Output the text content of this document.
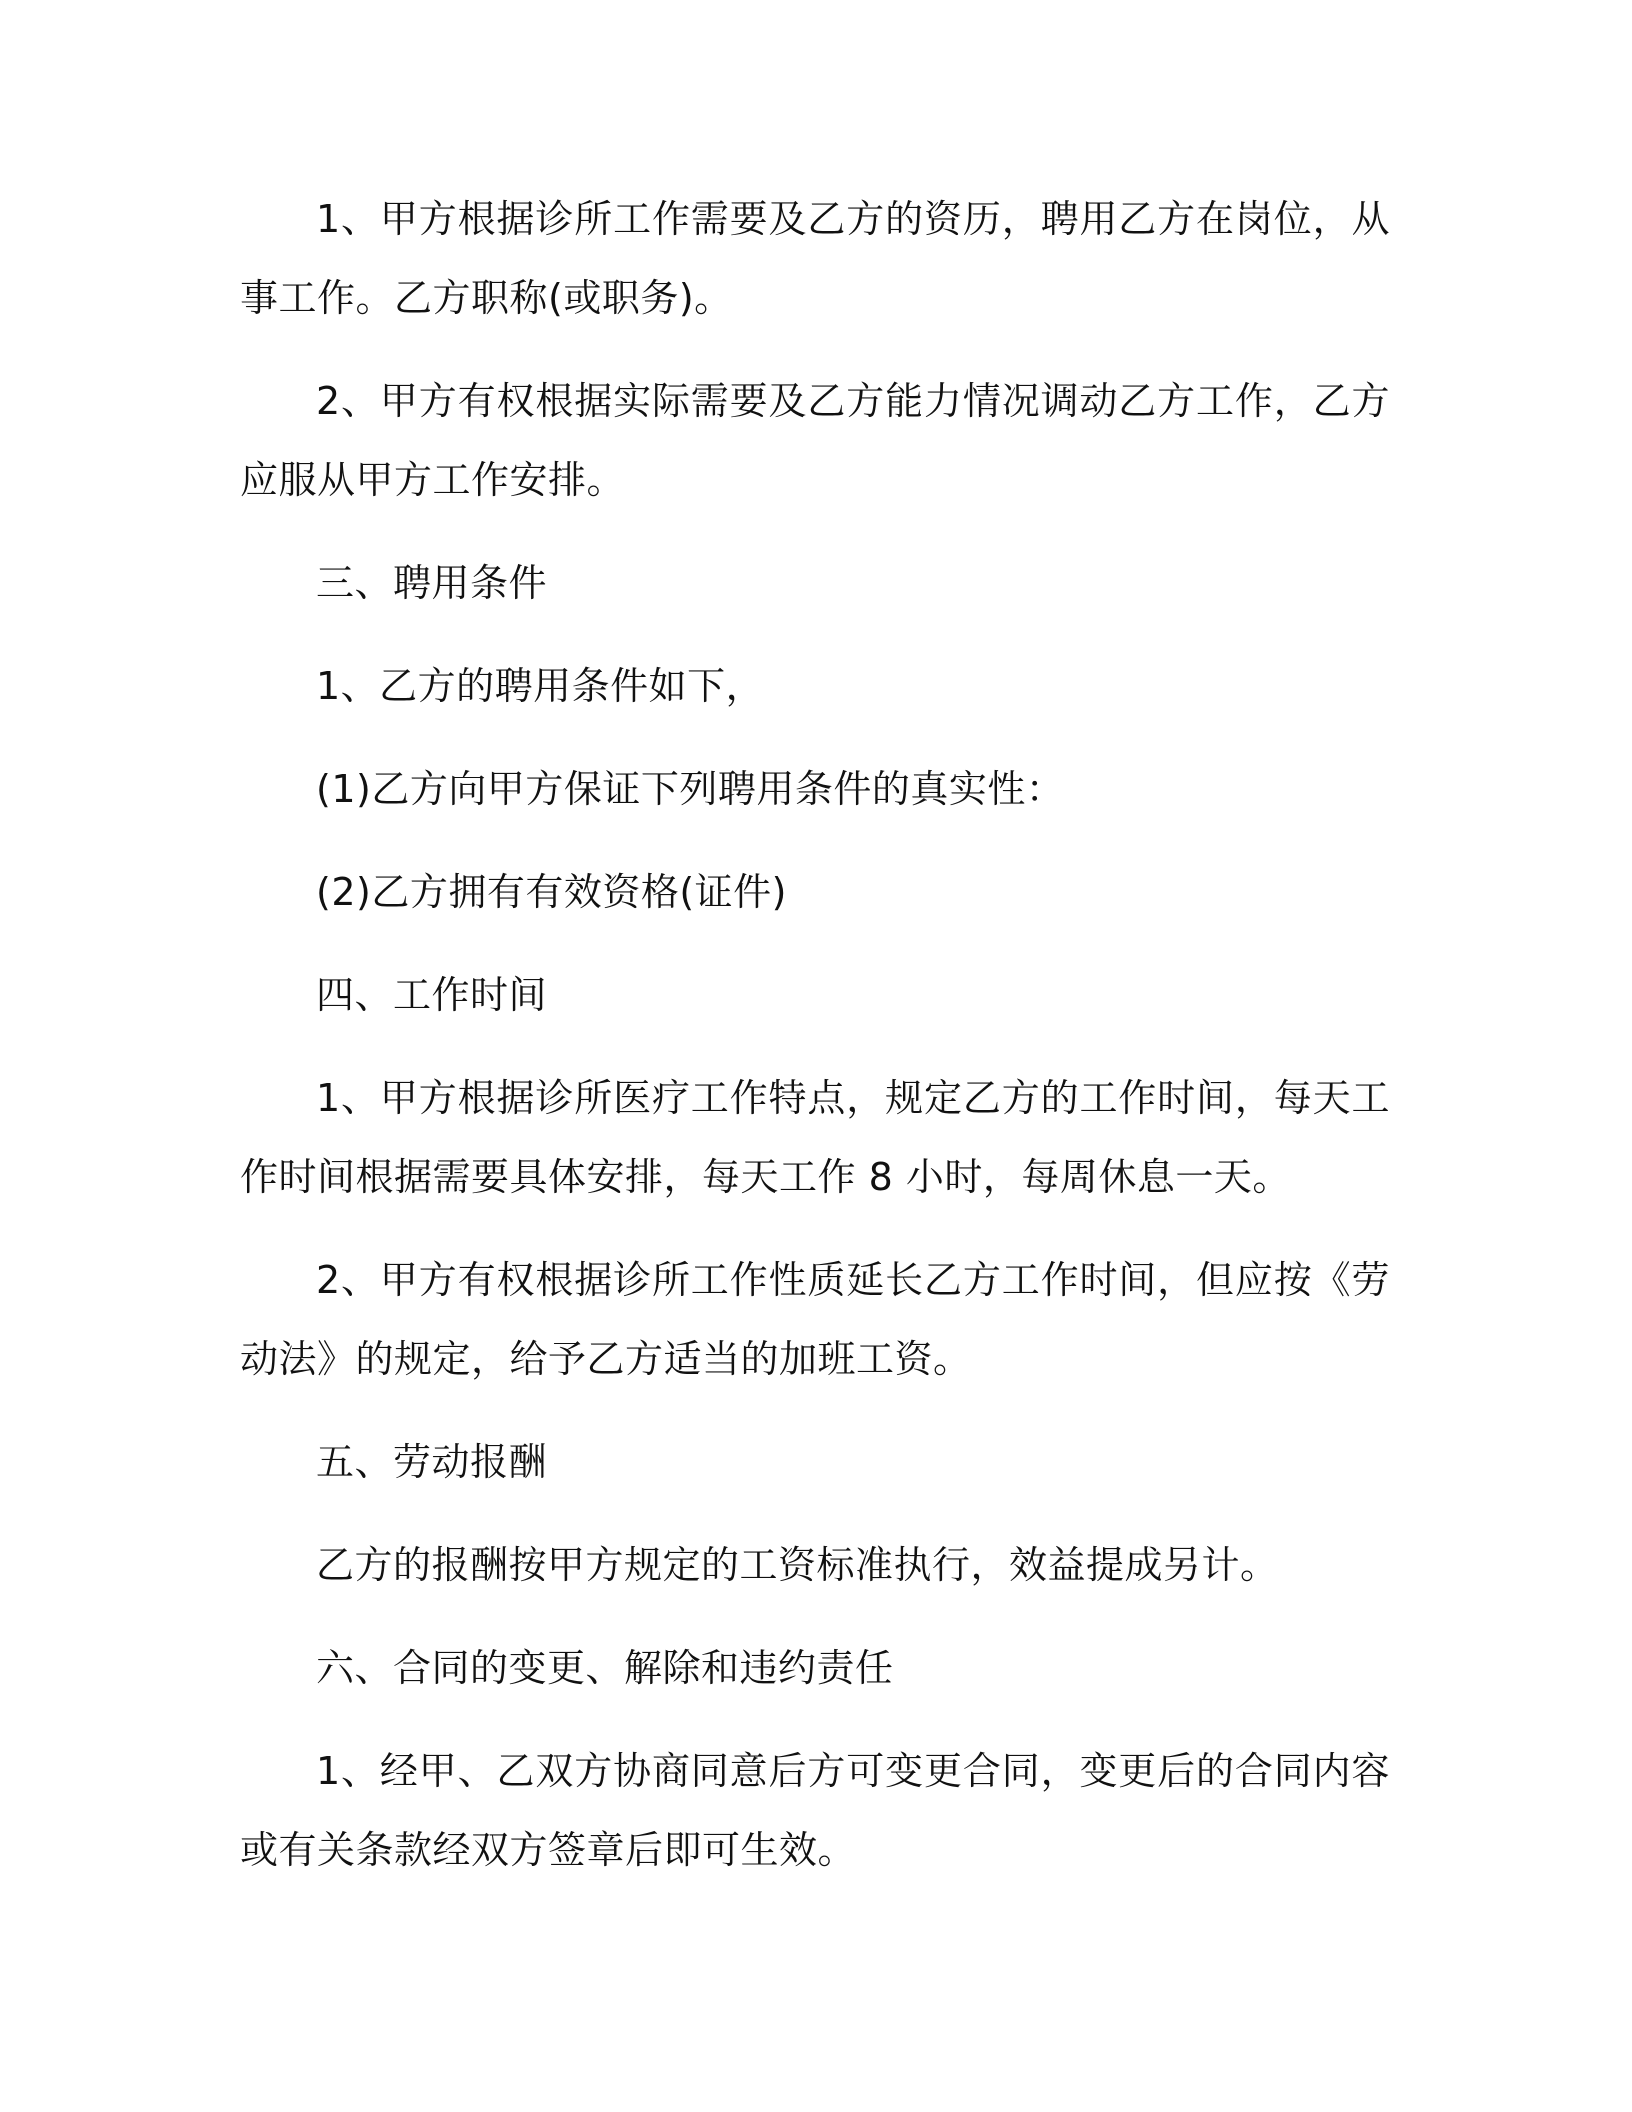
1、甲方根据诊所工作需要及乙方的资历，聘用乙方在岗位，从事工作。乙方职称(或职务)。

2、甲方有权根据实际需要及乙方能力情况调动乙方工作，乙方应服从甲方工作安排。

三、聘用条件

1、乙方的聘用条件如下，

(1)乙方向甲方保证下列聘用条件的真实性：

(2)乙方拥有有效资格(证件)

四、工作时间

1、甲方根据诊所医疗工作特点，规定乙方的工作时间，每天工作时间根据需要具体安排，每天工作 8 小时，每周休息一天。

2、甲方有权根据诊所工作性质延长乙方工作时间，但应按《劳动法》的规定，给予乙方适当的加班工资。

五、劳动报酬

乙方的报酬按甲方规定的工资标准执行，效益提成另计。

六、合同的变更、解除和违约责任

1、经甲、乙双方协商同意后方可变更合同，变更后的合同内容或有关条款经双方签章后即可生效。
